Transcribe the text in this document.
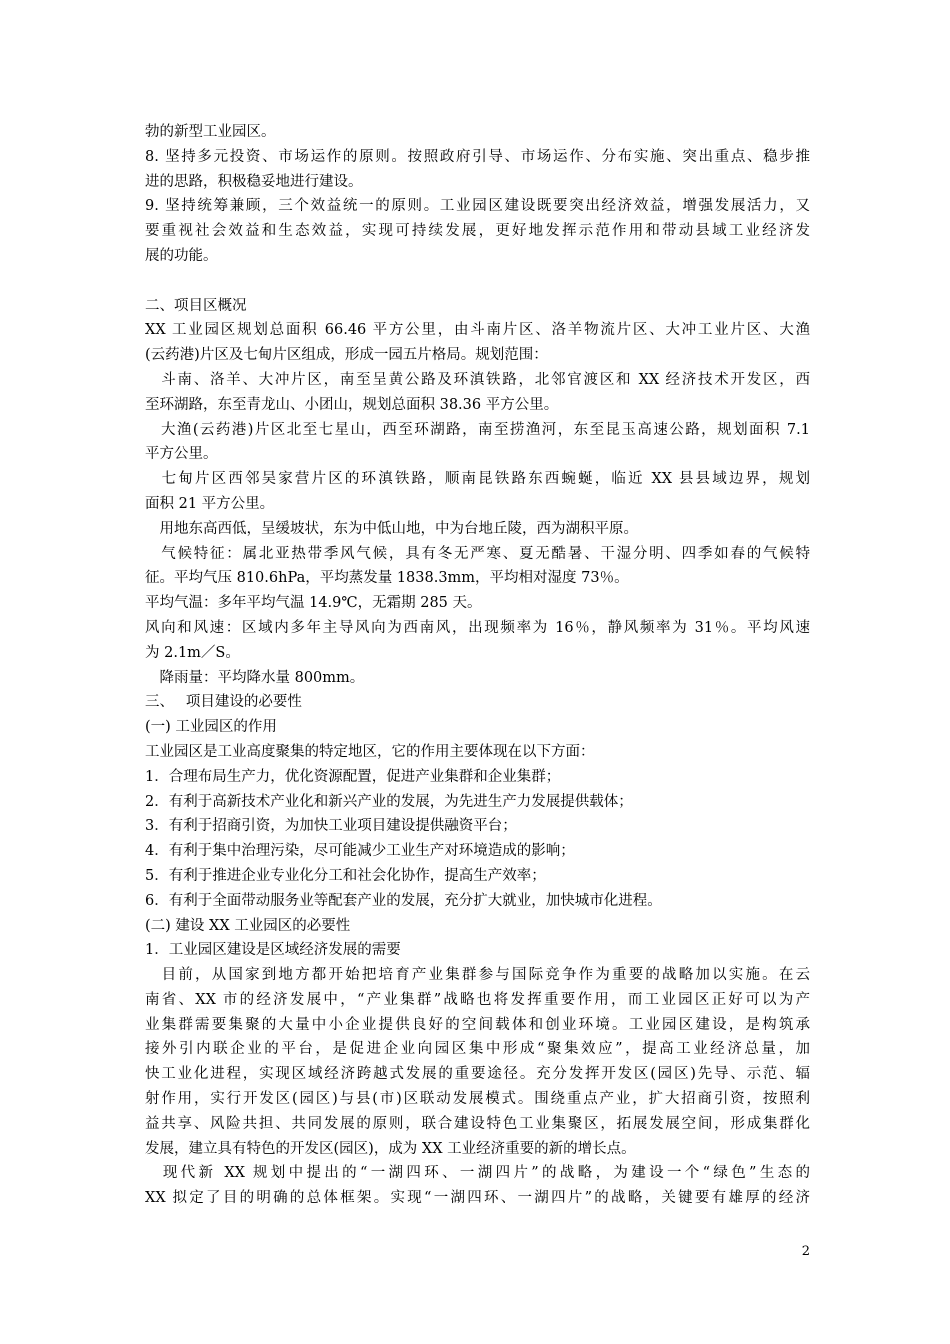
勃的新型工业园区。
8. 坚持多元投资、市场运作的原则。按照政府引导、市场运作、分布实施、突出重点、稳步推
进的思路，积极稳妥地进行建设。
9. 坚持统筹兼顾，三个效益统一的原则。工业园区建设既要突出经济效益，增强发展活力，又
要重视社会效益和生态效益，实现可持续发展，更好地发挥示范作用和带动县域工业经济发
展的功能。
二、项目区概况
XX 工业园区规划总面积 66.46 平方公里，由斗南片区、洛羊物流片区、大冲工业片区、大渔
(云药港)片区及七甸片区组成，形成一园五片格局。规划范围：
　斗南、洛羊、大冲片区，南至呈黄公路及环滇铁路，北邻官渡区和 XX 经济技术开发区，西
至环湖路，东至青龙山、小团山，规划总面积 38.36 平方公里。
　大渔(云药港)片区北至七星山，西至环湖路，南至捞渔河，东至昆玉高速公路，规划面积 7.1
平方公里。
　七甸片区西邻吴家营片区的环滇铁路，顺南昆铁路东西蜿蜒，临近 XX 县县域边界，规划
面积 21 平方公里。
　用地东高西低，呈缓坡状，东为中低山地，中为台地丘陵，西为湖积平原。
　气候特征：属北亚热带季风气候，具有冬无严寒、夏无酷暑、干湿分明、四季如春的气候特
征。平均气压 810.6hPa，平均蒸发量 1838.3mm，平均相对湿度 73％。
平均气温：多年平均气温 14.9℃，无霜期 285 天。
风向和风速：区域内多年主导风向为西南风，出现频率为 16％，静风频率为 31％。平均风速
为 2.1m／S。
　降雨量：平均降水量 800mm。
三、　 项目建设的必要性
(一) 工业园区的作用
工业园区是工业高度聚集的特定地区，它的作用主要体现在以下方面：
1．合理布局生产力，优化资源配置，促进产业集群和企业集群；
2．有利于高新技术产业化和新兴产业的发展，为先进生产力发展提供载体；
3．有利于招商引资，为加快工业项目建设提供融资平台；
4．有利于集中治理污染，尽可能减少工业生产对环境造成的影响；
5．有利于推进企业专业化分工和社会化协作，提高生产效率；
6．有利于全面带动服务业等配套产业的发展，充分扩大就业，加快城市化进程。
(二) 建设 XX 工业园区的必要性
1．工业园区建设是区域经济发展的需要
　目前，从国家到地方都开始把培育产业集群参与国际竞争作为重要的战略加以实施。在云
南省、XX 市的经济发展中，“产业集群”战略也将发挥重要作用，而工业园区正好可以为产
业集群需要集聚的大量中小企业提供良好的空间载体和创业环境。工业园区建设，是构筑承
接外引内联企业的平台，是促进企业向园区集中形成“聚集效应”，提高工业经济总量，加
快工业化进程，实现区域经济跨越式发展的重要途径。充分发挥开发区(园区)先导、示范、辐
射作用，实行开发区(园区)与县(市)区联动发展模式。围绕重点产业，扩大招商引资，按照利
益共享、风险共担、共同发展的原则，联合建设特色工业集聚区，拓展发展空间，形成集群化
发展，建立具有特色的开发区(园区)，成为 XX 工业经济重要的新的增长点。
　现代新 XX 规划中提出的“一湖四环、一湖四片”的战略，为建设一个“绿色”生态的
XX 拟定了目的明确的总体框架。实现“一湖四环、一湖四片”的战略，关键要有雄厚的经济
2
